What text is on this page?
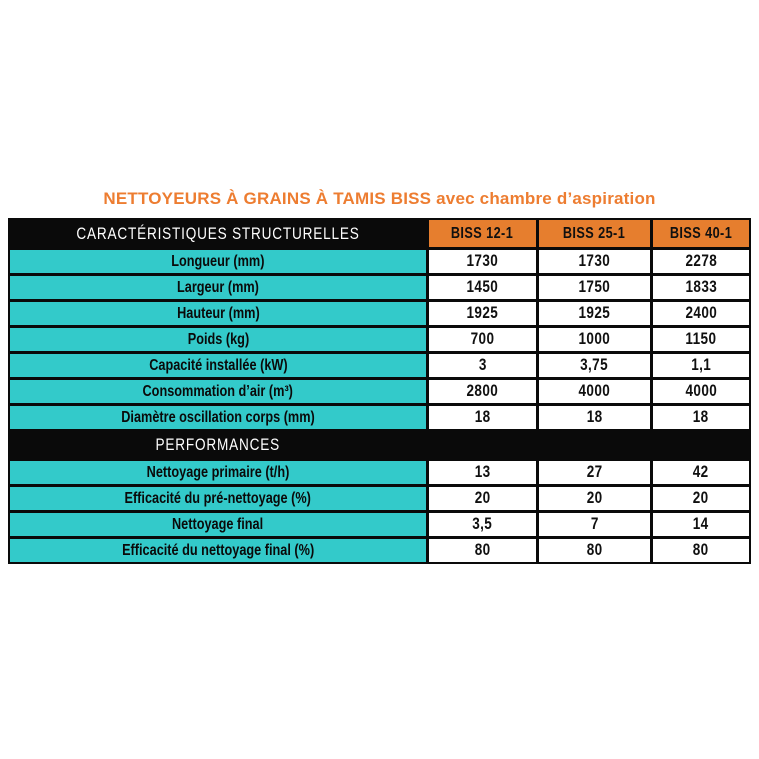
NETTOYEURS À GRAINS À TAMIS BISS avec chambre d’aspiration
CARACTÉRISTIQUES STRUCTURELLES	BISS 12-1	BISS 25-1	BISS 40-1
Longueur (mm)	1730	1730	2278
Largeur (mm)	1450	1750	1833
Hauteur (mm)	1925	1925	2400
Poids (kg)	700	1000	1150
Capacité installée (kW)	3	3,75	1,1
Consommation d’air (m³)	2800	4000	4000
Diamètre oscillation corps (mm)	18	18	18
PERFORMANCES
Nettoyage primaire (t/h)	13	27	42
Efficacité du pré-nettoyage (%)	20	20	20
Nettoyage final	3,5	7	14
Efficacité du nettoyage final (%)	80	80	80
